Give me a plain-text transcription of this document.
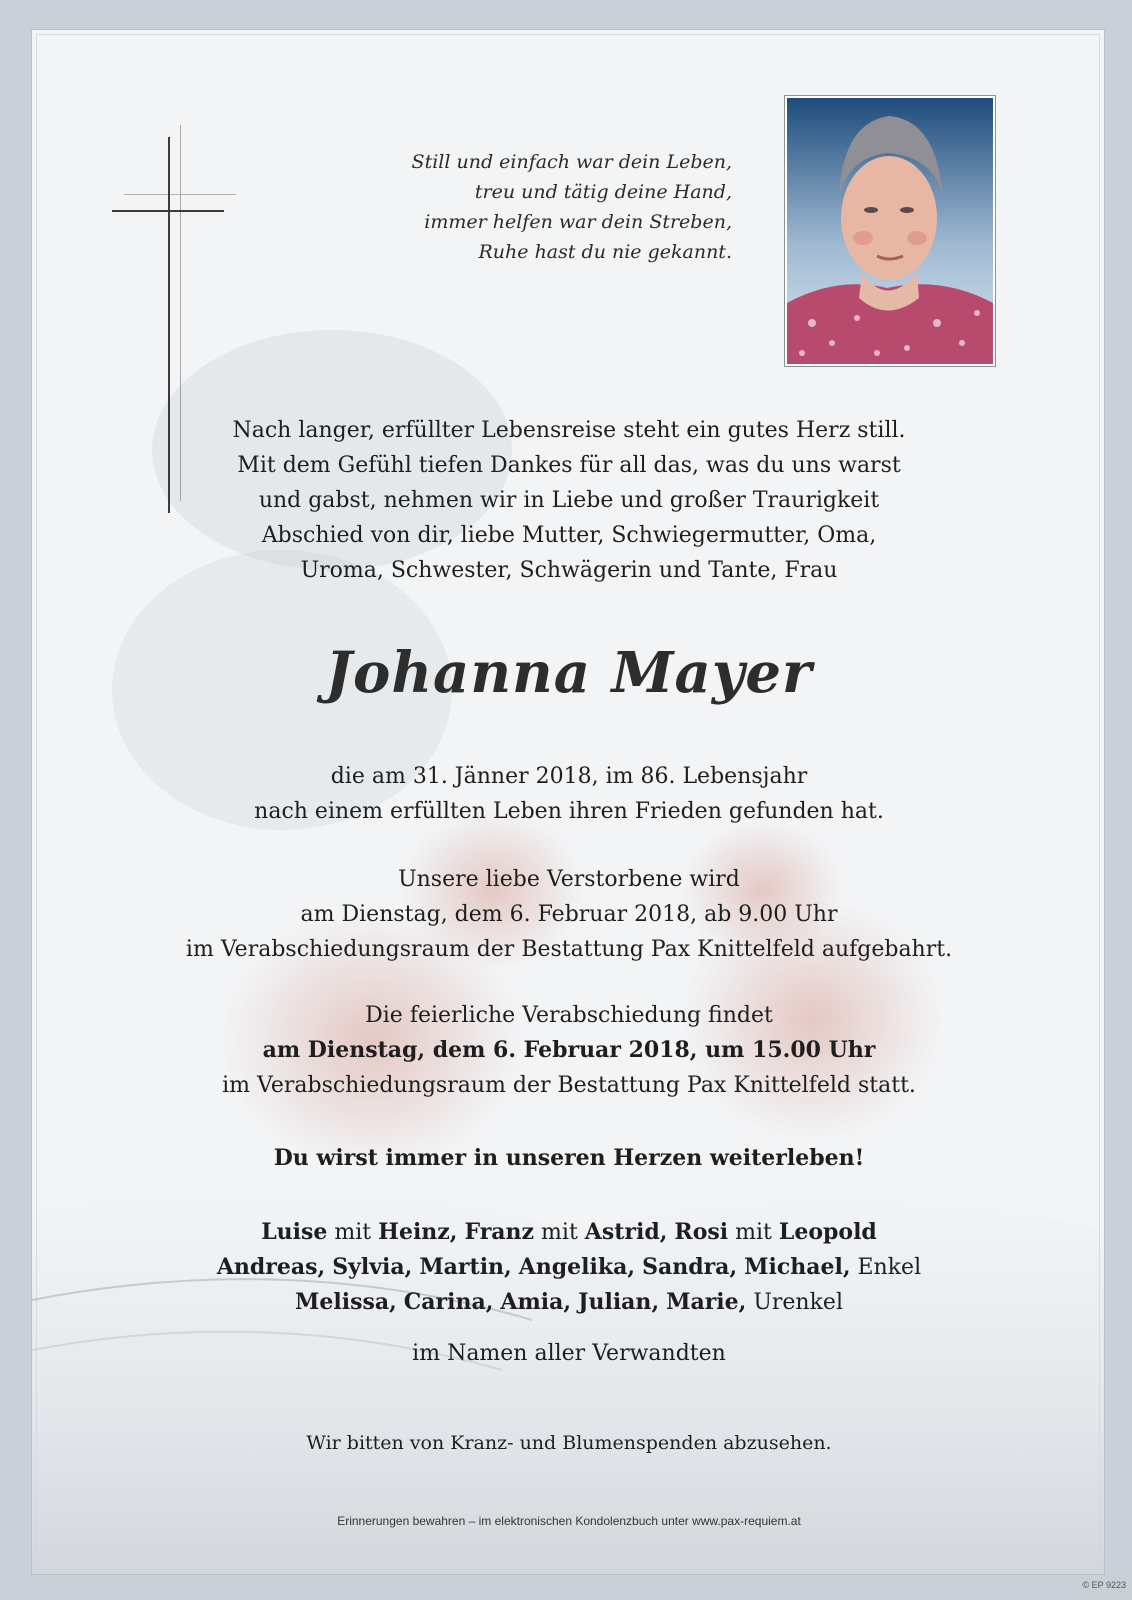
Still und einfach war dein Leben,
treu und tätig deine Hand,
immer helfen war dein Streben,
Ruhe hast du nie gekannt.
Nach langer, erfüllter Lebensreise steht ein gutes Herz still.
Mit dem Gefühl tiefen Dankes für all das, was du uns warst
und gabst, nehmen wir in Liebe und großer Traurigkeit
Abschied von dir, liebe Mutter, Schwiegermutter, Oma,
Uroma, Schwester, Schwägerin und Tante, Frau
Johanna Mayer
die am 31. Jänner 2018, im 86. Lebensjahr
nach einem erfüllten Leben ihren Frieden gefunden hat.
Unsere liebe Verstorbene wird
am Dienstag, dem 6. Februar 2018, ab 9.00 Uhr
im Verabschiedungsraum der Bestattung Pax Knittelfeld aufgebahrt.
Die feierliche Verabschiedung findet
am Dienstag, dem 6. Februar 2018, um 15.00 Uhr
im Verabschiedungsraum der Bestattung Pax Knittelfeld statt.
Du wirst immer in unseren Herzen weiterleben!
Luise mit Heinz, Franz mit Astrid, Rosi mit Leopold
Andreas, Sylvia, Martin, Angelika, Sandra, Michael, Enkel
Melissa, Carina, Amia, Julian, Marie, Urenkel
im Namen aller Verwandten
Wir bitten von Kranz- und Blumenspenden abzusehen.
Erinnerungen bewahren – im elektronischen Kondolenzbuch unter www.pax-requiem.at
© EP 9223
